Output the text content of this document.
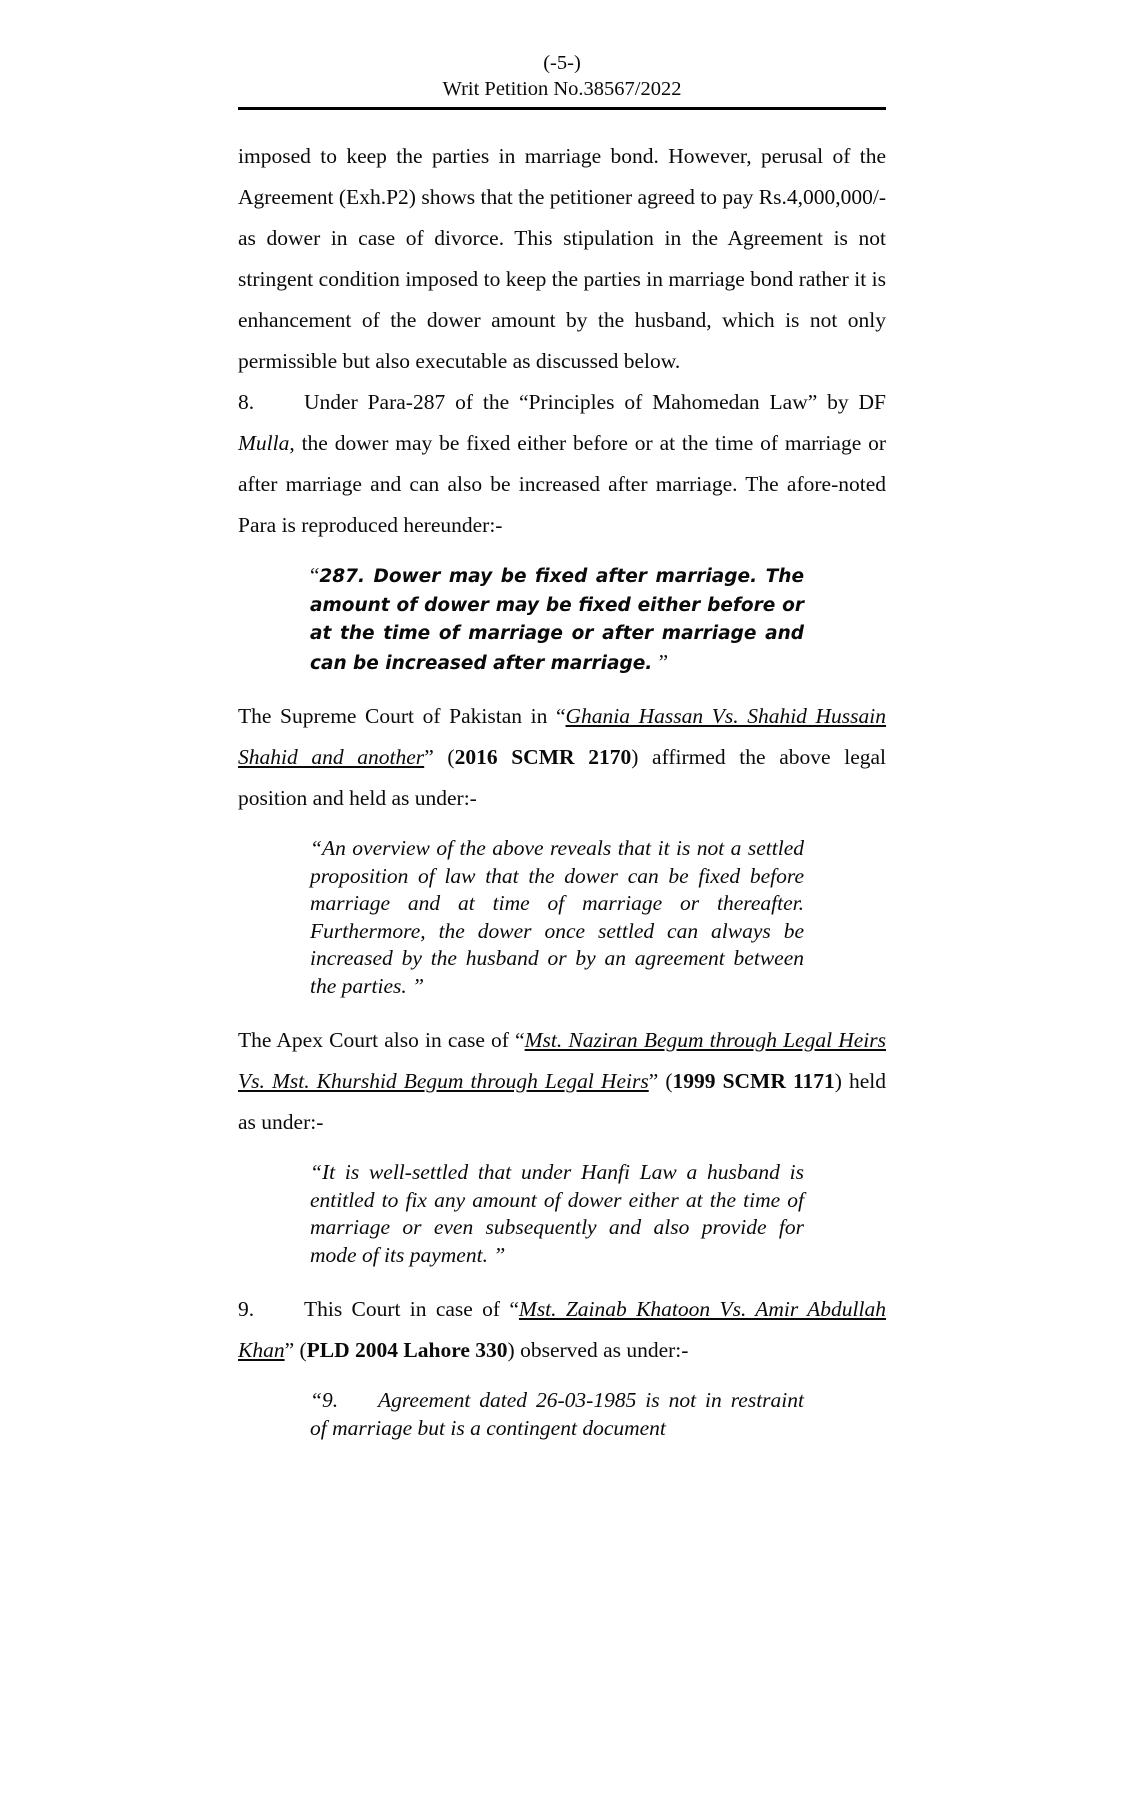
(-5-)
Writ Petition No.38567/2022

imposed to keep the parties in marriage bond. However, perusal of the Agreement (Exh.P2) shows that the petitioner agreed to pay Rs.4,000,000/- as dower in case of divorce. This stipulation in the Agreement is not stringent condition imposed to keep the parties in marriage bond rather it is enhancement of the dower amount by the husband, which is not only permissible but also executable as discussed below.

8. Under Para-287 of the “Principles of Mahomedan Law” by DF Mulla, the dower may be fixed either before or at the time of marriage or after marriage and can also be increased after marriage. The afore-noted Para is reproduced hereunder:-

“287. Dower may be fixed after marriage. The amount of dower may be fixed either before or at the time of marriage or after marriage and can be increased after marriage. ”

The Supreme Court of Pakistan in “Ghania Hassan Vs. Shahid Hussain Shahid and another” (2016 SCMR 2170) affirmed the above legal position and held as under:-

“An overview of the above reveals that it is not a settled proposition of law that the dower can be fixed before marriage and at time of marriage or thereafter. Furthermore, the dower once settled can always be increased by the husband or by an agreement between the parties. ”

The Apex Court also in case of “Mst. Naziran Begum through Legal Heirs Vs. Mst. Khurshid Begum through Legal Heirs” (1999 SCMR 1171) held as under:-

“It is well-settled that under Hanfi Law a husband is entitled to fix any amount of dower either at the time of marriage or even subsequently and also provide for mode of its payment. ”

9. This Court in case of “Mst. Zainab Khatoon Vs. Amir Abdullah Khan” (PLD 2004 Lahore 330) observed as under:-

“9. Agreement dated 26-03-1985 is not in restraint of marriage but is a contingent document
